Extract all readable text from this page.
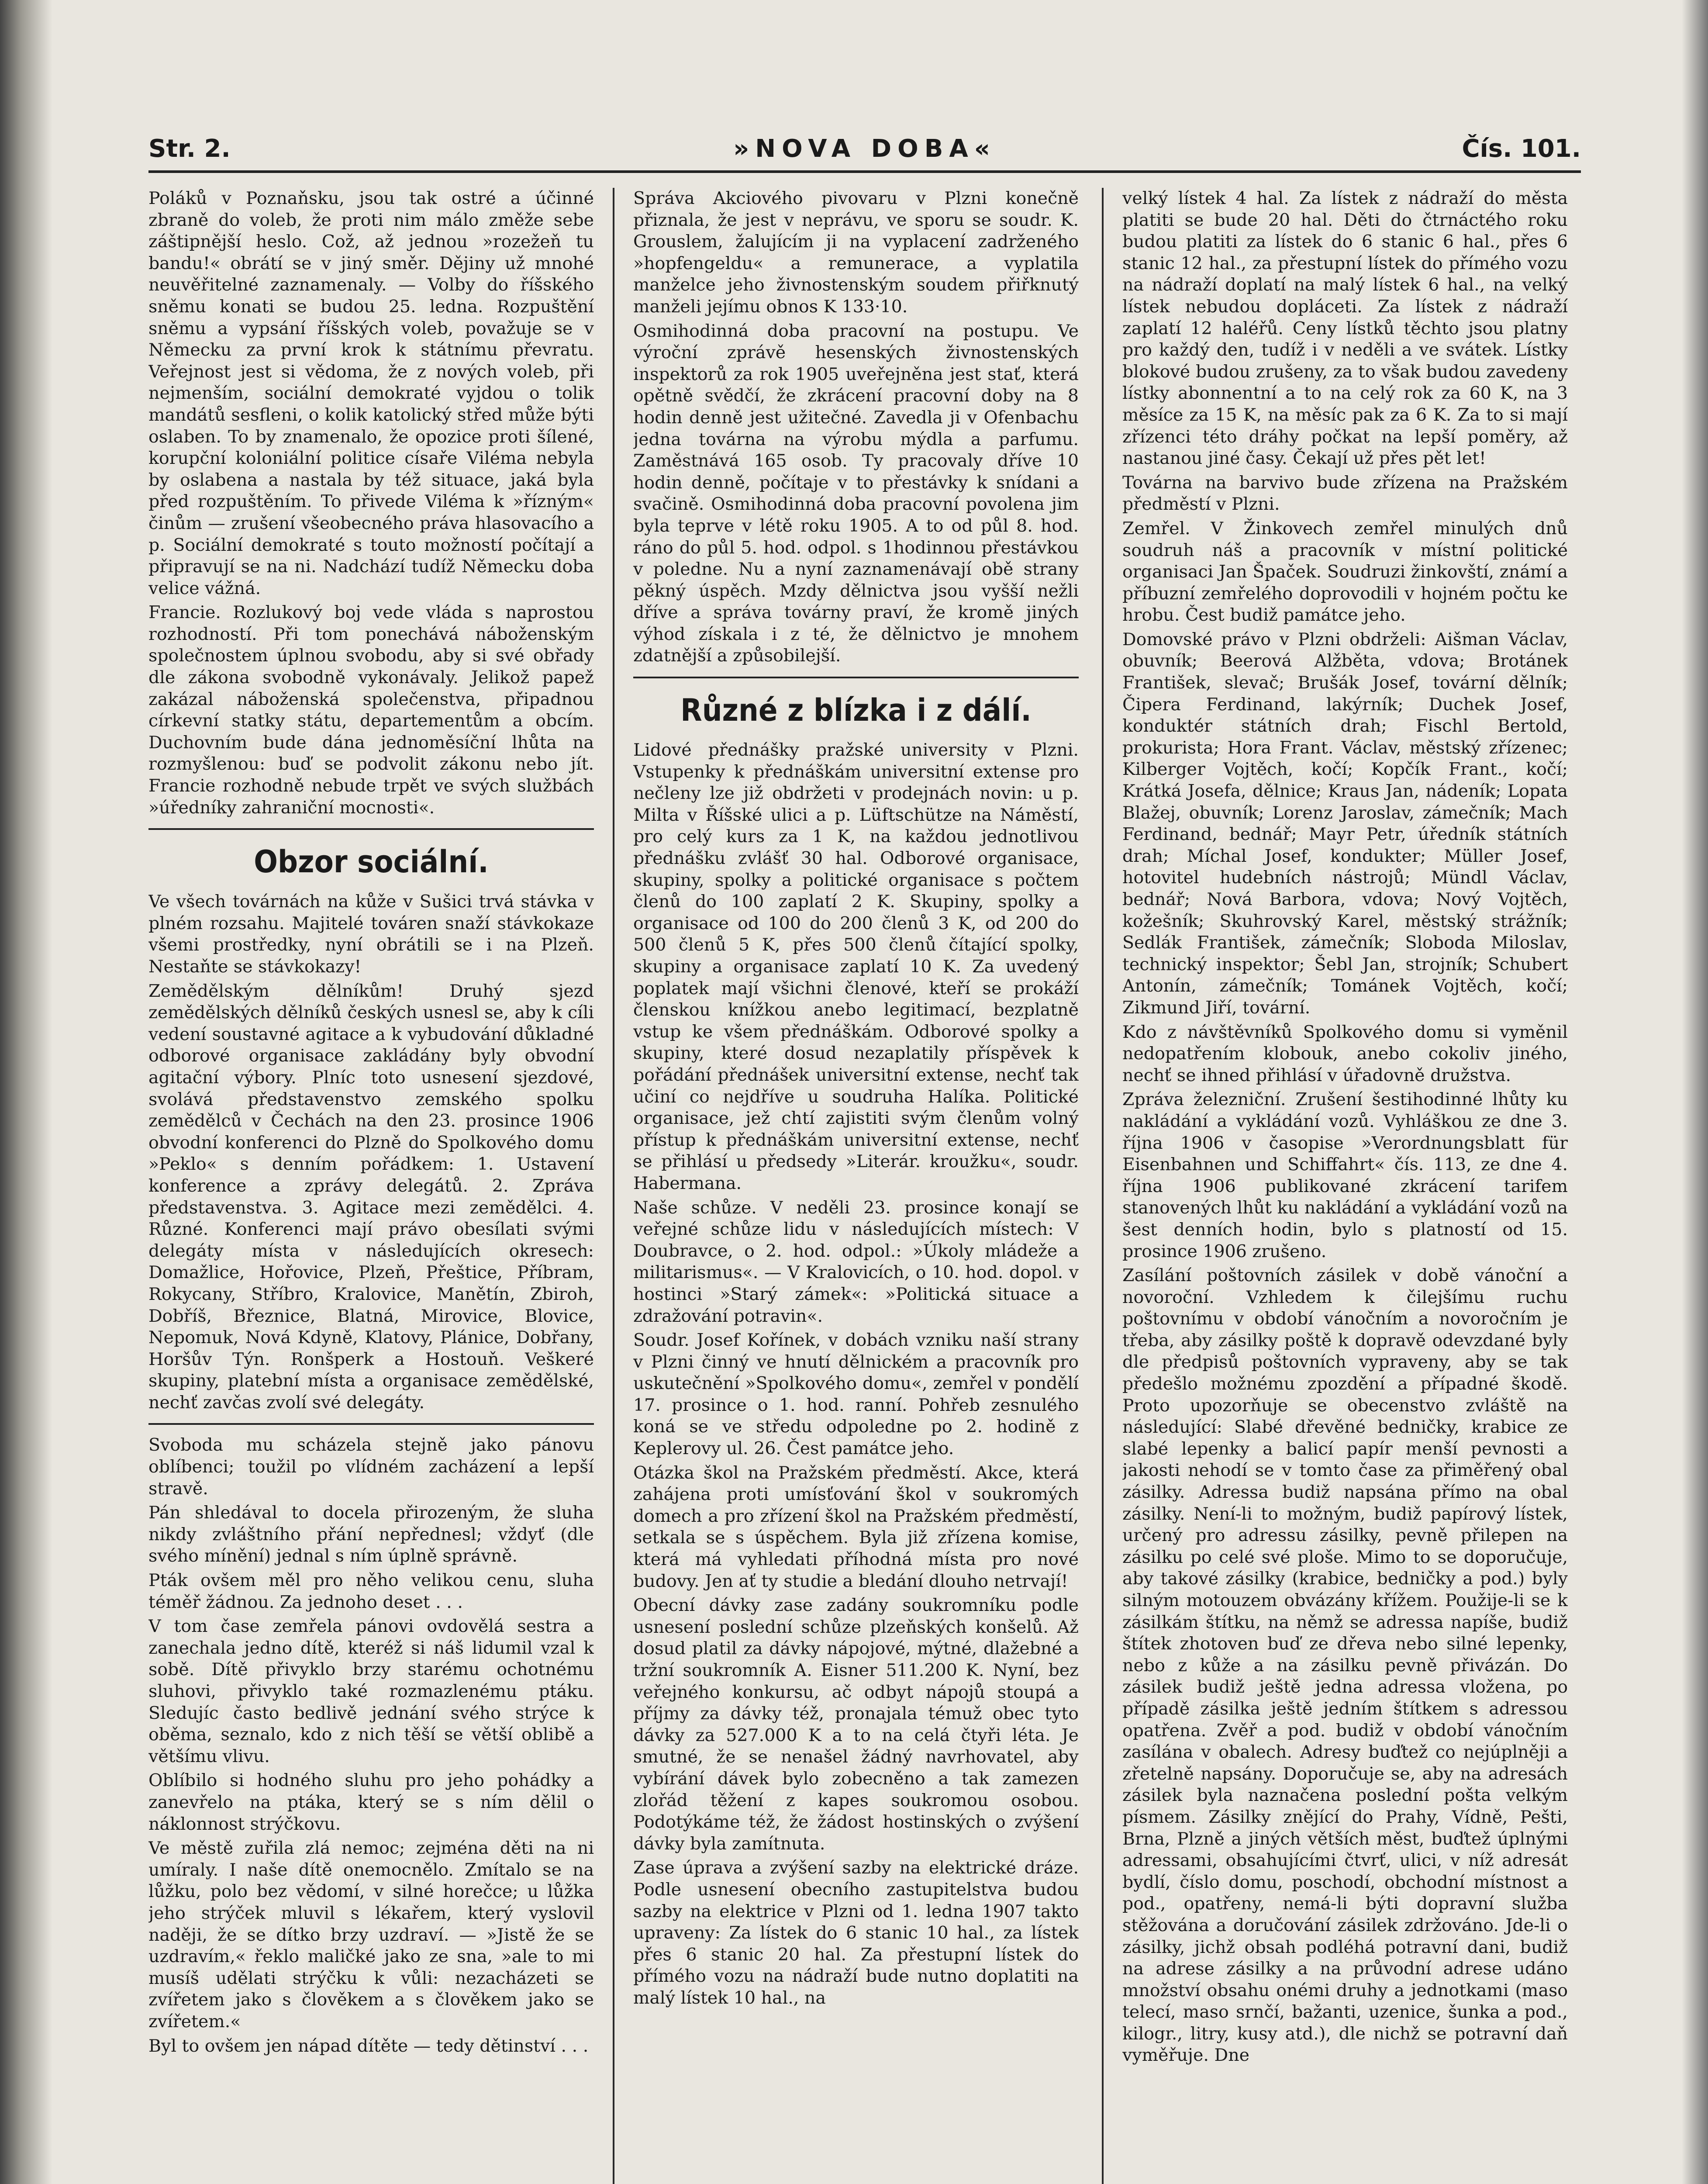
Str. 2.	»NOVA DOBA«	Čís. 101.

Poláků v Poznaňsku, jsou tak ostré a účinné zbraně do voleb, že proti nim málo změže sebe záštipnější heslo. Což, až jednou »rozežeň tu bandu!« obrátí se v jiný směr. Dějiny už mnohé neuvěřitelné zaznamenaly. — Volby do říšského sněmu konati se budou 25. ledna. Rozpuštění sněmu a vypsání říšských voleb, považuje se v Německu za první krok k státnímu převratu. Veřejnost jest si vědoma, že z nových voleb, při nejmenším, sociální demokraté vyjdou o tolik mandátů sesfleni, o kolik katolický střed může býti oslaben. To by znamenalo, že opozice proti šílené, korupční koloniální politice císaře Viléma nebyla by oslabena a nastala by též situace, jaká byla před rozpuštěním. To přivede Viléma k »řízným« činům — zrušení všeobecného práva hlasovacího a p. Sociální demokraté s touto možností počítají a připravují se na ni. Nadchází tudíž Německu doba velice vážná.

Francie. Rozlukový boj vede vláda s naprostou rozhodností. Při tom ponechává náboženským společnostem úplnou svobodu, aby si své obřady dle zákona svobodně vykonávaly. Jelikož papež zakázal náboženská společenstva, připadnou církevní statky státu, departementům a obcím. Duchovním bude dána jednoměsíční lhůta na rozmyšlenou: buď se podvolit zákonu nebo jít. Francie rozhodně nebude trpět ve svých službách »úředníky zahraniční mocnosti«.

Obzor sociální.

Ve všech továrnách na kůže v Sušici trvá stávka v plném rozsahu. Majitelé továren snaží stávkokaze všemi prostředky, nyní obrátili se i na Plzeň. Nestaňte se stávkokazy!

Zemědělským dělníkům! Druhý sjezd zemědělských dělníků českých usnesl se, aby k cíli vedení soustavné agitace a k vybudování důkladné odborové organisace zakládány byly obvodní agitační výbory. Plníc toto usnesení sjezdové, svolává představenstvo zemského spolku zemědělců v Čechách na den 23. prosince 1906 obvodní konferenci do Plzně do Spolkového domu »Peklo« s denním pořádkem: 1. Ustavení konference a zprávy delegátů. 2. Zpráva představenstva. 3. Agitace mezi zemědělci. 4. Různé. Konferenci mají právo obesílati svými delegáty místa v následujících okresech: Domažlice, Hořovice, Plzeň, Přeštice, Příbram, Rokycany, Stříbro, Kralovice, Manětín, Zbiroh, Dobříš, Březnice, Blatná, Mirovice, Blovice, Nepomuk, Nová Kdyně, Klatovy, Plánice, Dobřany, Horšův Týn. Ronšperk a Hostouň. Veškeré skupiny, platební místa a organisace zemědělské, nechť zavčas zvolí své delegáty.

Svoboda mu scházela stejně jako pánovu oblíbenci; toužil po vlídném zacházení a lepší stravě.

Pán shledával to docela přirozeným, že sluha nikdy zvláštního přání nepřednesl; vždyť (dle svého mínění) jednal s ním úplně správně.

Pták ovšem měl pro něho velikou cenu, sluha téměř žádnou. Za jednoho deset . . .

V tom čase zemřela pánovi ovdovělá sestra a zanechala jedno dítě, kteréž si náš lidumil vzal k sobě. Dítě přivyklo brzy starému ochotnému sluhovi, přivyklo také rozmazlenému ptáku. Sledujíc často bedlivě jednání svého strýce k oběma, seznalo, kdo z nich těší se větší oblibě a většímu vlivu.

Oblíbilo si hodného sluhu pro jeho pohádky a zanevřelo na ptáka, který se s ním dělil o náklonnost strýčkovu.

Ve městě zuřila zlá nemoc; zejména děti na ni umíraly. I naše dítě onemocnělo. Zmítalo se na lůžku, polo bez vědomí, v silné horečce; u lůžka jeho strýček mluvil s lékařem, který vyslovil naději, že se dítko brzy uzdraví. — »Jistě že se uzdravím,« řeklo maličké jako ze sna, »ale to mi musíš udělati strýčku k vůli: nezacházeti se zvířetem jako s člověkem a s člověkem jako se zvířetem.«

Byl to ovšem jen nápad dítěte — tedy dětinství . . .

Správa Akciového pivovaru v Plzni konečně přiznala, že jest v neprávu, ve sporu se soudr. K. Grouslem, žalujícím ji na vyplacení zadrženého »hopfengeldu« a remunerace, a vyplatila manželce jeho živnostenským soudem přiřknutý manželi jejímu obnos K 133·10.

Osmihodinná doba pracovní na postupu. Ve výroční zprávě hesenských živnostenských inspektorů za rok 1905 uveřejněna jest stať, která opětně svědčí, že zkrácení pracovní doby na 8 hodin denně jest užitečné. Zavedla ji v Ofenbachu jedna továrna na výrobu mýdla a parfumu. Zaměstnává 165 osob. Ty pracovaly dříve 10 hodin denně, počítaje v to přestávky k snídani a svačině. Osmihodinná doba pracovní povolena jim byla teprve v létě roku 1905. A to od půl 8. hod. ráno do půl 5. hod. odpol. s 1hodinnou přestávkou v poledne. Nu a nyní zaznamenávají obě strany pěkný úspěch. Mzdy dělnictva jsou vyšší nežli dříve a správa továrny praví, že kromě jiných výhod získala i z té, že dělnictvo je mnohem zdatnější a způsobilejší.

Různé z blízka i z dálí.

Lidové přednášky pražské university v Plzni. Vstupenky k přednáškám universitní extense pro nečleny lze již obdržeti v prodejnách novin: u p. Milta v Říšské ulici a p. Lüftschütze na Náměstí, pro celý kurs za 1 K, na každou jednotlivou přednášku zvlášť 30 hal. Odborové organisace, skupiny, spolky a politické organisace s počtem členů do 100 zaplatí 2 K. Skupiny, spolky a organisace od 100 do 200 členů 3 K, od 200 do 500 členů 5 K, přes 500 členů čítající spolky, skupiny a organisace zaplatí 10 K. Za uvedený poplatek mají všichni členové, kteří se prokáží členskou knížkou anebo legitimací, bezplatně vstup ke všem přednáškám. Odborové spolky a skupiny, které dosud nezaplatily příspěvek k pořádání přednášek universitní extense, nechť tak učiní co nejdříve u soudruha Halíka. Politické organisace, jež chtí zajistiti svým členům volný přístup k přednáškám universitní extense, nechť se přihlásí u předsedy »Literár. kroužku«, soudr. Habermana.

Naše schůze. V neděli 23. prosince konají se veřejné schůze lidu v následujících místech: V Doubravce, o 2. hod. odpol.: »Úkoly mládeže a militarismus«. — V Kralovicích, o 10. hod. dopol. v hostinci »Starý zámek«: »Politická situace a zdražování potravin«.

Soudr. Josef Kořínek, v dobách vzniku naší strany v Plzni činný ve hnutí dělnickém a pracovník pro uskutečnění »Spolkového domu«, zemřel v pondělí 17. prosince o 1. hod. ranní. Pohřeb zesnulého koná se ve středu odpoledne po 2. hodině z Keplerovy ul. 26. Čest památce jeho.

Otázka škol na Pražském předměstí. Akce, která zahájena proti umísťování škol v soukromých domech a pro zřízení škol na Pražském předměstí, setkala se s úspěchem. Byla již zřízena komise, která má vyhledati příhodná místa pro nové budovy. Jen ať ty studie a bledání dlouho netrvají!

Obecní dávky zase zadány soukromníku podle usnesení poslední schůze plzeňských konšelů. Až dosud platil za dávky nápojové, mýtné, dlažebné a tržní soukromník A. Eisner 511.200 K. Nyní, bez veřejného konkursu, ač odbyt nápojů stoupá a příjmy za dávky též, pronajala témuž obec tyto dávky za 527.000 K a to na celá čtyři léta. Je smutné, že se nenašel žádný navrhovatel, aby vybírání dávek bylo zobecněno a tak zamezen zlořád těžení z kapes soukromou osobou. Podotýkáme též, že žádost hostinských o zvýšení dávky byla zamítnuta.

Zase úprava a zvýšení sazby na elektrické dráze. Podle usnesení obecního zastupitelstva budou sazby na elektrice v Plzni od 1. ledna 1907 takto upraveny: Za lístek do 6 stanic 10 hal., za lístek přes 6 stanic 20 hal. Za přestupní lístek do přímého vozu na nádraží bude nutno doplatiti na malý lístek 10 hal., na

velký lístek 4 hal. Za lístek z nádraží do města platiti se bude 20 hal. Děti do čtrnáctého roku budou platiti za lístek do 6 stanic 6 hal., přes 6 stanic 12 hal., za přestupní lístek do přímého vozu na nádraží doplatí na malý lístek 6 hal., na velký lístek nebudou dopláceti. Za lístek z nádraží zaplatí 12 haléřů. Ceny lístků těchto jsou platny pro každý den, tudíž i v neděli a ve svátek. Lístky blokové budou zrušeny, za to však budou zavedeny lístky abonnentní a to na celý rok za 60 K, na 3 měsíce za 15 K, na měsíc pak za 6 K. Za to si mají zřízenci této dráhy počkat na lepší poměry, až nastanou jiné časy. Čekají už přes pět let!

Továrna na barvivo bude zřízena na Pražském předměstí v Plzni.

Zemřel. V Žinkovech zemřel minulých dnů soudruh náš a pracovník v místní politické organisaci Jan Špaček. Soudruzi žinkovští, známí a příbuzní zemřelého doprovodili v hojném počtu ke hrobu. Čest budiž památce jeho.

Domovské právo v Plzni obdrželi: Aišman Václav, obuvník; Beerová Alžběta, vdova; Brotánek František, slevač; Brušák Josef, tovární dělník; Čipera Ferdinand, lakýrník; Duchek Josef, konduktér státních drah; Fischl Bertold, prokurista; Hora Frant. Václav, městský zřízenec; Kilberger Vojtěch, kočí; Kopčík Frant., kočí; Krátká Josefa, dělnice; Kraus Jan, nádeník; Lopata Blažej, obuvník; Lorenz Jaroslav, zámečník; Mach Ferdinand, bednář; Mayr Petr, úředník státních drah; Míchal Josef, kondukter; Müller Josef, hotovitel hudebních nástrojů; Mündl Václav, bednář; Nová Barbora, vdova; Nový Vojtěch, kožešník; Skuhrovský Karel, městský strážník; Sedlák František, zámečník; Sloboda Miloslav, technický inspektor; Šebl Jan, strojník; Schubert Antonín, zámečník; Tománek Vojtěch, kočí; Zikmund Jiří, tovární.

Kdo z návštěvníků Spolkového domu si vyměnil nedopatřením klobouk, anebo cokoliv jiného, nechť se ihned přihlásí v úřadovně družstva.

Zpráva železniční. Zrušení šestihodinné lhůty ku nakládání a vykládání vozů. Vyhláškou ze dne 3. října 1906 v časopise »Verordnungsblatt für Eisenbahnen und Schiffahrt« čís. 113, ze dne 4. října 1906 publikované zkrácení tarifem stanovených lhůt ku nakládání a vykládání vozů na šest denních hodin, bylo s platností od 15. prosince 1906 zrušeno.

Zasílání poštovních zásilek v době vánoční a novoroční. Vzhledem k čilejšímu ruchu poštovnímu v období vánočním a novoročním je třeba, aby zásilky poště k dopravě odevzdané byly dle předpisů poštovních vypraveny, aby se tak předešlo možnému zpozdění a případné škodě. Proto upozorňuje se obecenstvo zvláště na následující: Slabé dřevěné bedničky, krabice ze slabé lepenky a balicí papír menší pevnosti a jakosti nehodí se v tomto čase za přiměřený obal zásilky. Adressa budiž napsána přímo na obal zásilky. Není-li to možným, budiž papírový lístek, určený pro adressu zásilky, pevně přilepen na zásilku po celé své ploše. Mimo to se doporučuje, aby takové zásilky (krabice, bedničky a pod.) byly silným motouzem obvázány křížem. Použije-li se k zásilkám štítku, na němž se adressa napíše, budiž štítek zhotoven buď ze dřeva nebo silné lepenky, nebo z kůže a na zásilku pevně přivázán. Do zásilek budiž ještě jedna adressa vložena, po případě zásilka ještě jedním štítkem s adressou opatřena. Zvěř a pod. budiž v období vánočním zasílána v obalech. Adresy buďtež co nejúplněji a zřetelně napsány. Doporučuje se, aby na adresách zásilek byla naznačena poslední pošta velkým písmem. Zásilky znějící do Prahy, Vídně, Pešti, Brna, Plzně a jiných větších měst, buďtež úplnými adressami, obsahujícími čtvrť, ulici, v níž adresát bydlí, číslo domu, poschodí, obchodní místnost a pod., opatřeny, nemá-li býti dopravní služba stěžována a doručování zásilek zdržováno. Jde-li o zásilky, jichž obsah podléhá potravní dani, budiž na adrese zásilky a na průvodní adrese udáno množství obsahu onémi druhy a jednotkami (maso telecí, maso srnčí, bažanti, uzenice, šunka a pod., kilogr., litry, kusy atd.), dle nichž se potravní daň vyměřuje. Dne
